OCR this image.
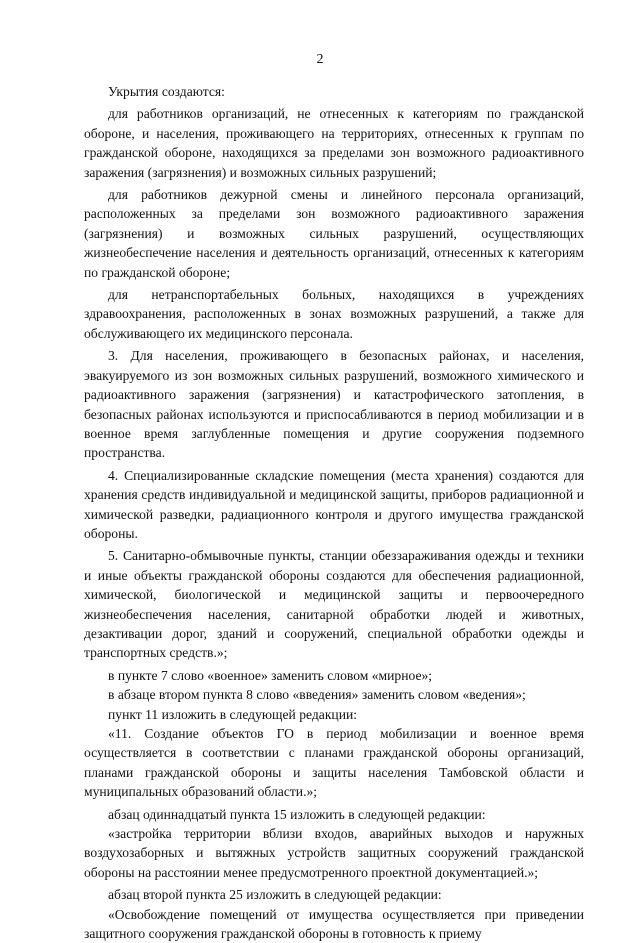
2

Укрытия создаются:

для работников организаций, не отнесенных к категориям по гражданской обороне, и населения, проживающего на территориях, отнесенных к группам по гражданской обороне, находящихся за пределами зон возможного радиоактивного заражения (загрязнения) и возможных сильных разрушений;

для работников дежурной смены и линейного персонала организаций, расположенных за пределами зон возможного радиоактивного заражения (загрязнения) и возможных сильных разрушений, осуществляющих жизнеобеспечение населения и деятельность организаций, отнесенных к категориям по гражданской обороне;

для нетранспортабельных больных, находящихся в учреждениях здравоохранения, расположенных в зонах возможных разрушений, а также для обслуживающего их медицинского персонала.

3. Для населения, проживающего в безопасных районах, и населения, эвакуируемого из зон возможных сильных разрушений, возможного химического и радиоактивного заражения (загрязнения) и катастрофического затопления, в безопасных районах используются и приспосабливаются в период мобилизации и в военное время заглубленные помещения и другие сооружения подземного пространства.

4. Специализированные складские помещения (места хранения) создаются для хранения средств индивидуальной и медицинской защиты, приборов радиационной и химической разведки, радиационного контроля и другого имущества гражданской обороны.

5. Санитарно-обмывочные пункты, станции обеззараживания одежды и техники и иные объекты гражданской обороны создаются для обеспечения радиационной, химической, биологической и медицинской защиты и первоочередного жизнеобеспечения населения, санитарной обработки людей и животных, дезактивации дорог, зданий и сооружений, специальной обработки одежды и транспортных средств.»;

в пункте 7 слово «военное» заменить словом «мирное»;

в абзаце втором пункта 8 слово «введения» заменить словом «ведения»;

пункт 11 изложить в следующей редакции:

«11. Создание объектов ГО в период мобилизации и военное время осуществляется в соответствии с планами гражданской обороны организаций, планами гражданской обороны и защиты населения Тамбовской области и муниципальных образований области.»;

абзац одиннадцатый пункта 15 изложить в следующей редакции:

«застройка территории вблизи входов, аварийных выходов и наружных воздухозаборных и вытяжных устройств защитных сооружений гражданской обороны на расстоянии менее предусмотренного проектной документацией.»;

абзац второй пункта 25 изложить в следующей редакции:

«Освобождение помещений от имущества осуществляется при приведении защитного сооружения гражданской обороны в готовность к приему
